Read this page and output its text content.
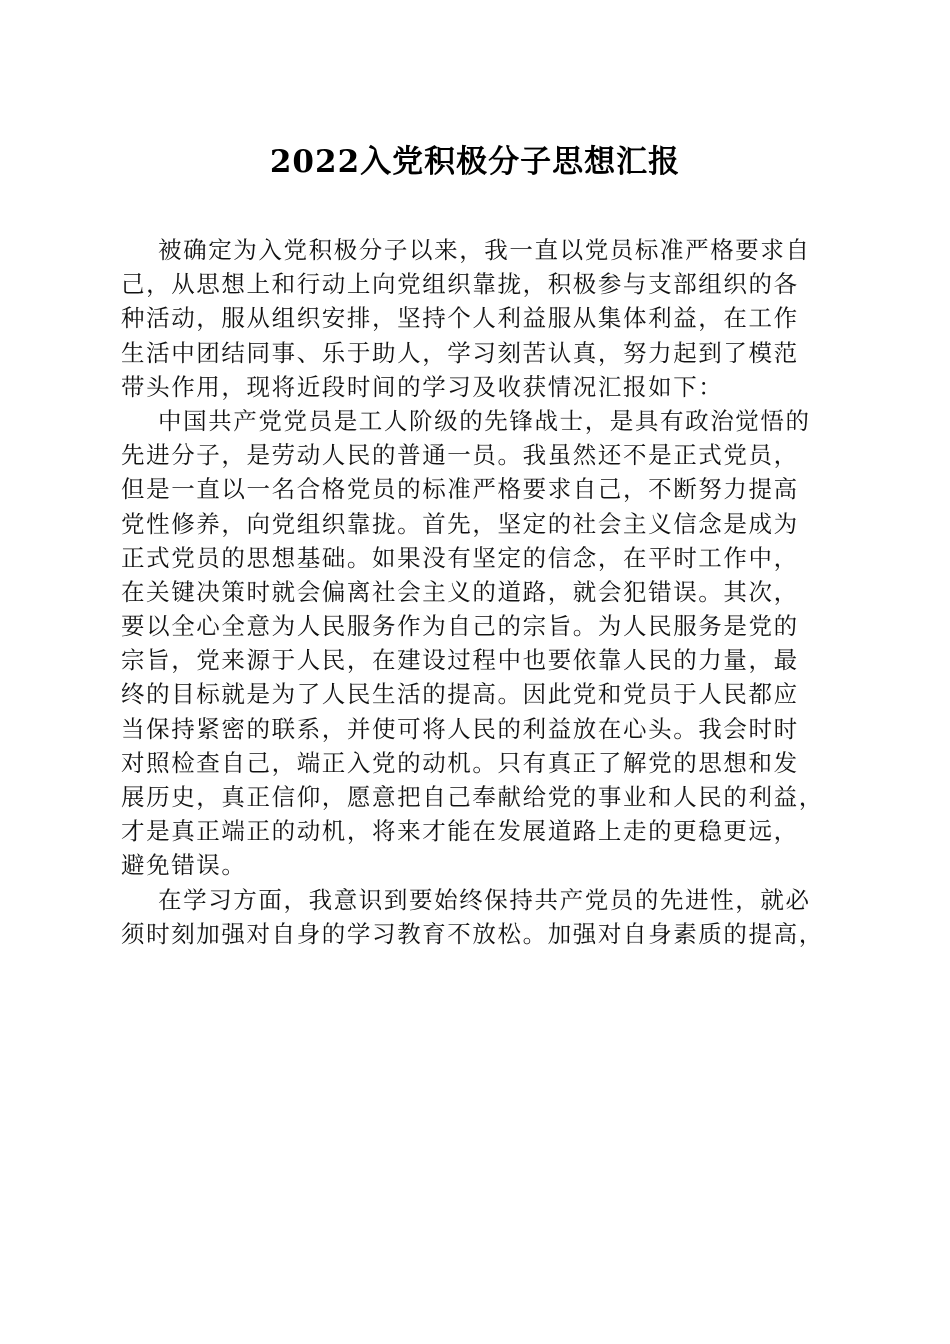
2022入党积极分子思想汇报
被确定为入党积极分子以来，我一直以党员标准严格要求自
己，从思想上和行动上向党组织靠拢，积极参与支部组织的各
种活动，服从组织安排，坚持个人利益服从集体利益，在工作
生活中团结同事、乐于助人，学习刻苦认真，努力起到了模范
带头作用，现将近段时间的学习及收获情况汇报如下：
中国共产党党员是工人阶级的先锋战士，是具有政治觉悟的
先进分子，是劳动人民的普通一员。我虽然还不是正式党员，
但是一直以一名合格党员的标准严格要求自己，不断努力提高
党性修养，向党组织靠拢。首先，坚定的社会主义信念是成为
正式党员的思想基础。如果没有坚定的信念，在平时工作中，
在关键决策时就会偏离社会主义的道路，就会犯错误。其次，
要以全心全意为人民服务作为自己的宗旨。为人民服务是党的
宗旨，党来源于人民，在建设过程中也要依靠人民的力量，最
终的目标就是为了人民生活的提高。因此党和党员于人民都应
当保持紧密的联系，并使可将人民的利益放在心头。我会时时
对照检查自己，端正入党的动机。只有真正了解党的思想和发
展历史，真正信仰，愿意把自己奉献给党的事业和人民的利益，
才是真正端正的动机，将来才能在发展道路上走的更稳更远，
避免错误。
在学习方面，我意识到要始终保持共产党员的先进性，就必
须时刻加强对自身的学习教育不放松。加强对自身素质的提高，
